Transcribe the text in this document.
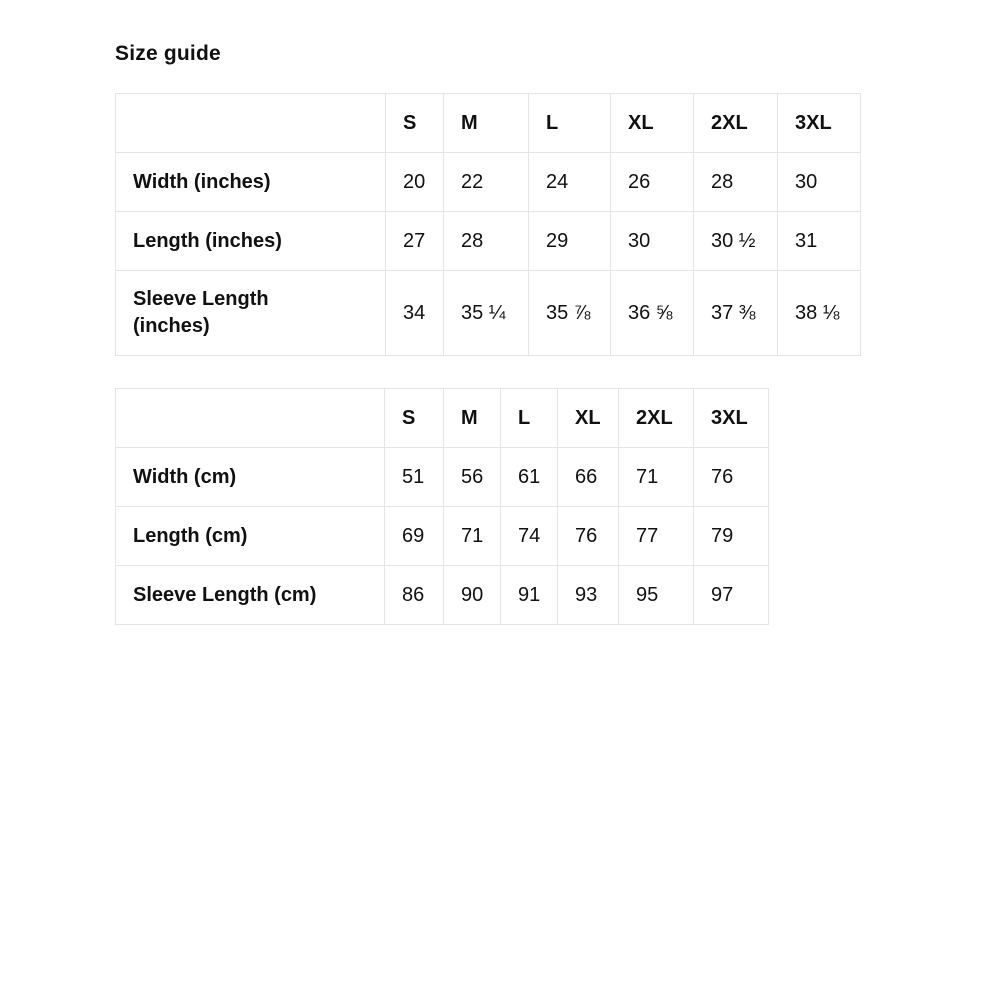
Size guide
	S	M	L	XL	2XL	3XL
Width (inches)	20	22	24	26	28	30
Length (inches)	27	28	29	30	30 ½	31
Sleeve Length (inches)	34	35 ¼	35 ⅞	36 ⅝	37 ⅜	38 ⅛
	S	M	L	XL	2XL	3XL
Width (cm)	51	56	61	66	71	76
Length (cm)	69	71	74	76	77	79
Sleeve Length (cm)	86	90	91	93	95	97
